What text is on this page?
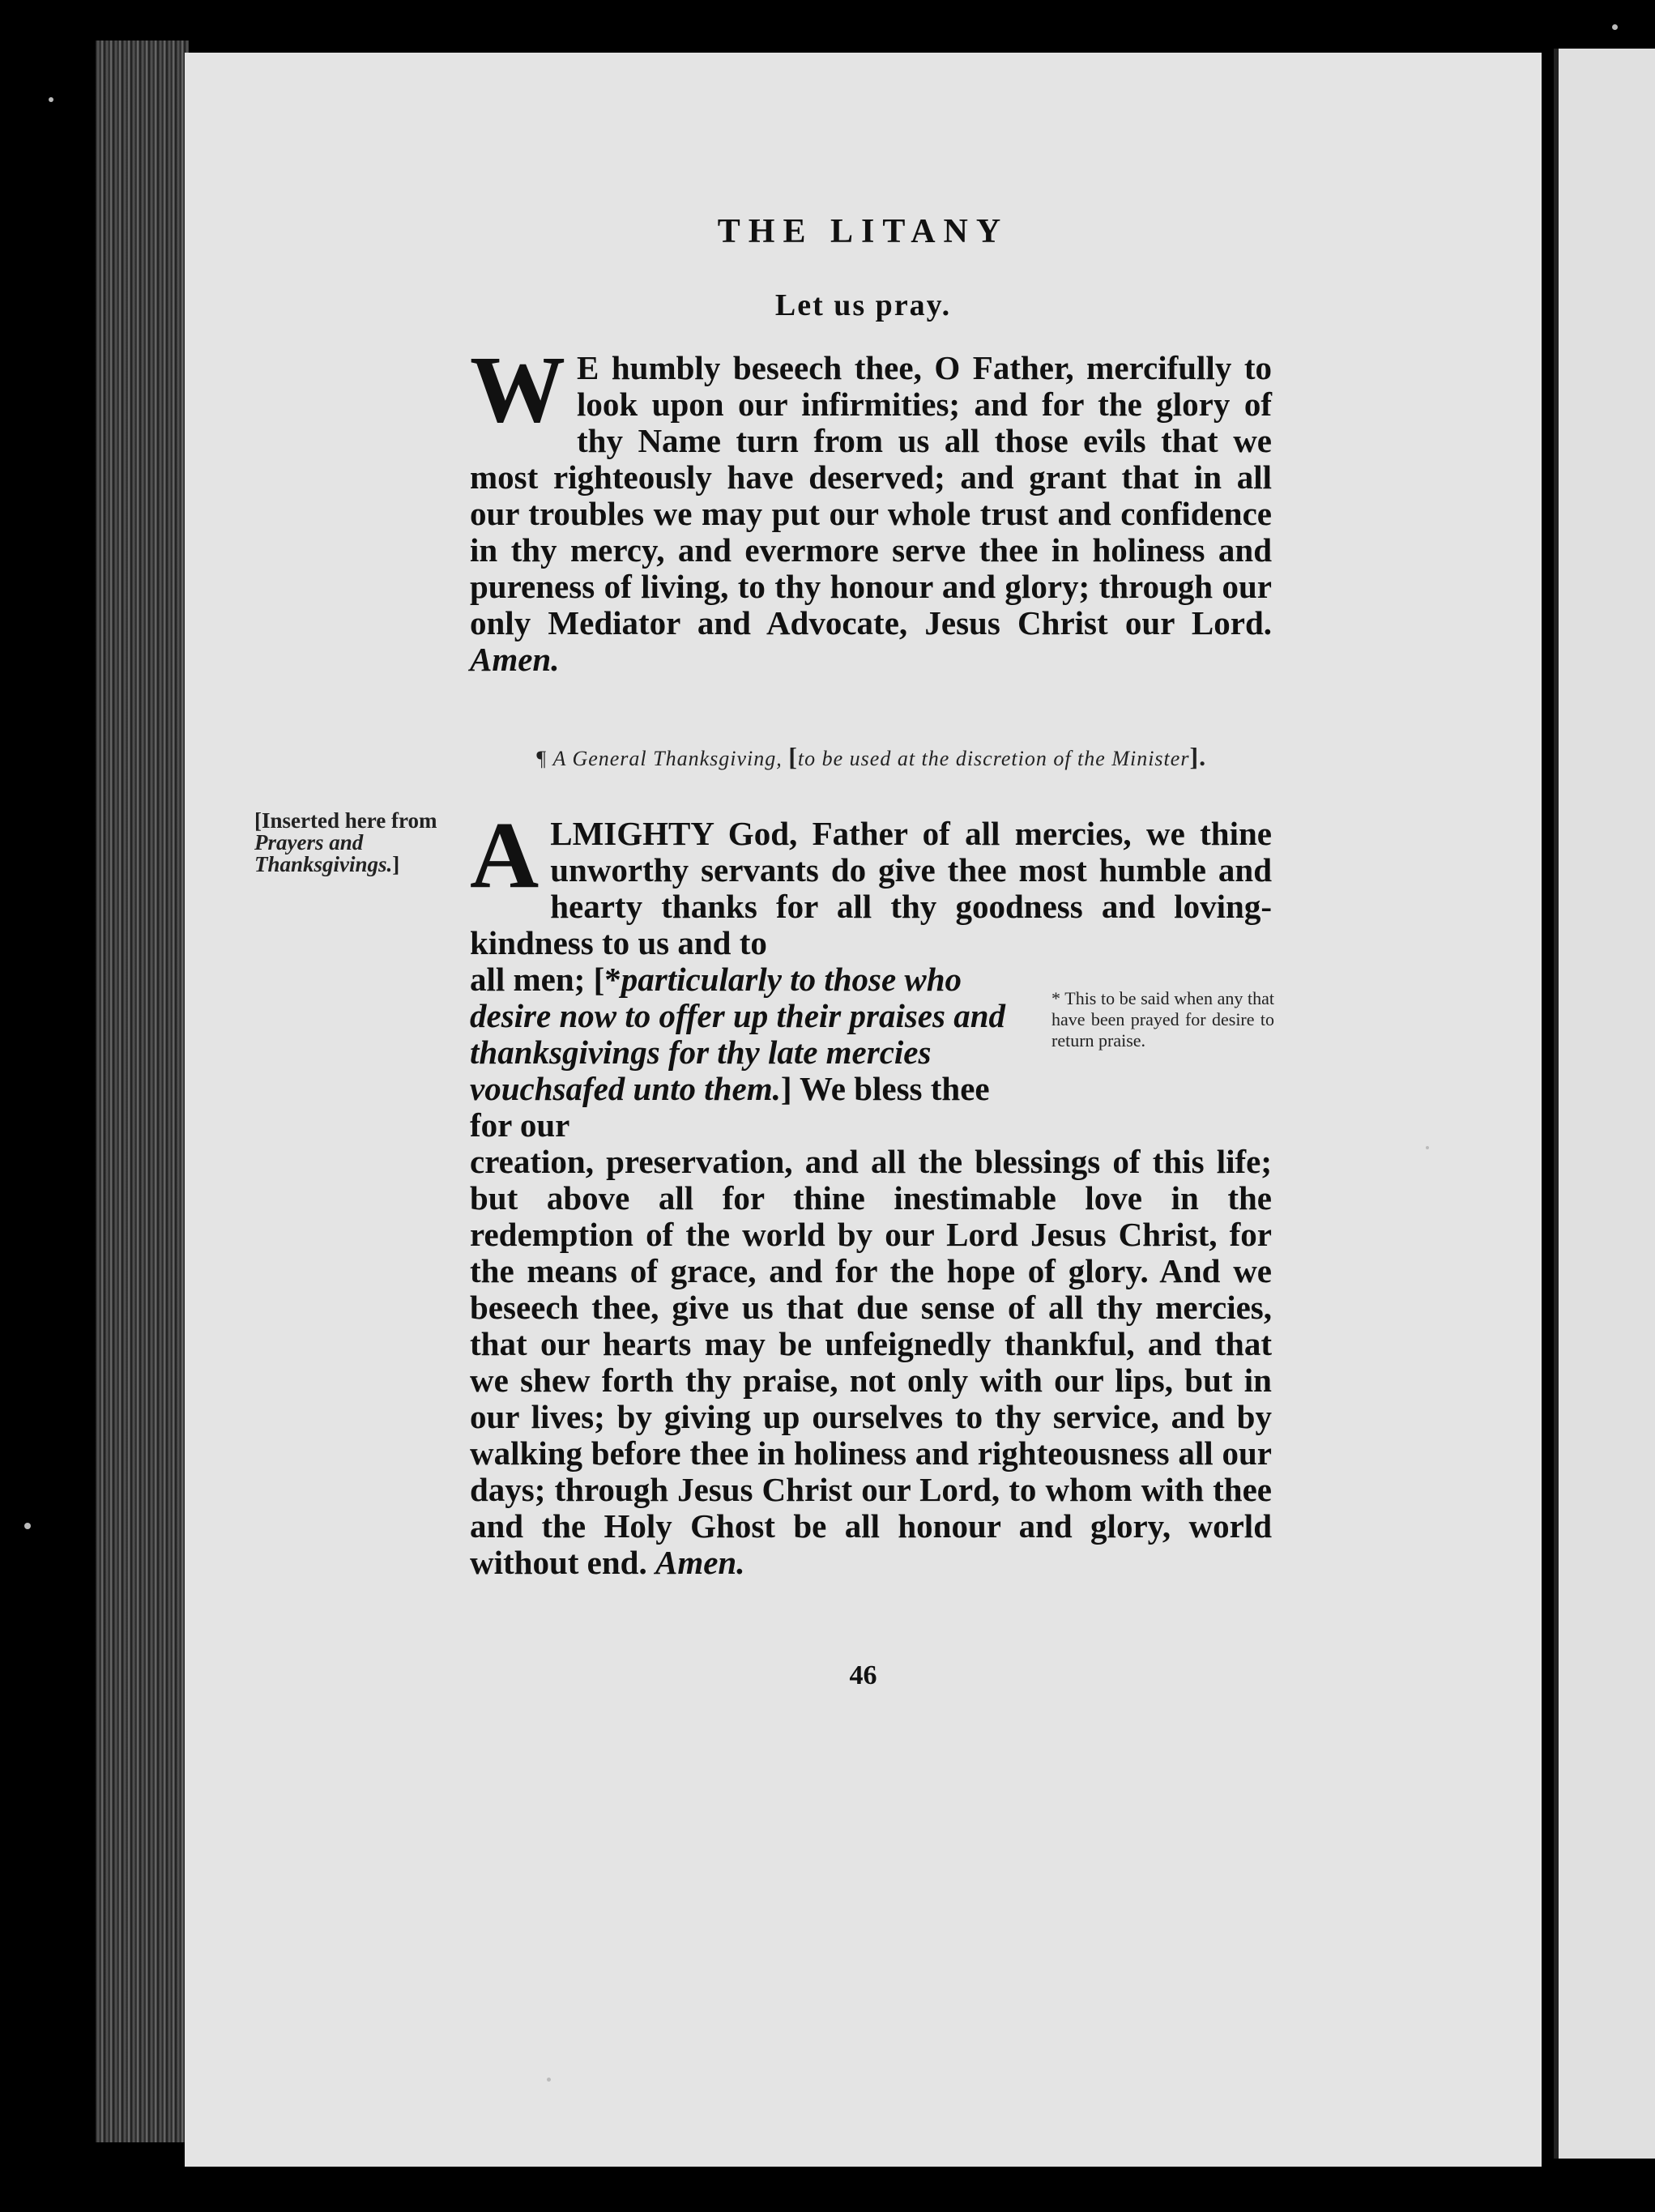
THE LITANY
Let us pray.

W E humbly beseech thee, O Father, mercifully to look upon our infirmities; and for the glory of thy Name turn from us all those evils that we most righteously have deserved; and grant that in all our troubles we may put our whole trust and confidence in thy mercy, and evermore serve thee in holiness and pureness of living, to thy honour and glory; through our only Mediator and Advocate, Jesus Christ our Lord. Amen.

¶ A General Thanksgiving, [to be used at the discretion of the Minister].
[Inserted here from Prayers and Thanksgivings.] ALMIGHTY God, Father of all mercies, we thine unworthy servants do give thee most humble and hearty thanks for all thy goodness and loving-kindness to us and to

all men; [*particularly to those who desire now to offer up their praises and thanksgivings for thy late mercies vouchsafed unto them.] We bless thee for our

* This to be said when any that have been prayed for desire to return praise.

creation, preservation, and all the blessings of this life; but above all for thine inestimable love in the redemption of the world by our Lord Jesus Christ, for the means of grace, and for the hope of glory. And we beseech thee, give us that due sense of all thy mercies, that our hearts may be unfeignedly thankful, and that we shew forth thy praise, not only with our lips, but in our lives; by giving up ourselves to thy service, and by walking before thee in holiness and righteousness all our days; through Jesus Christ our Lord, to whom with thee and the Holy Ghost be all honour and glory, world without end. Amen.

46
